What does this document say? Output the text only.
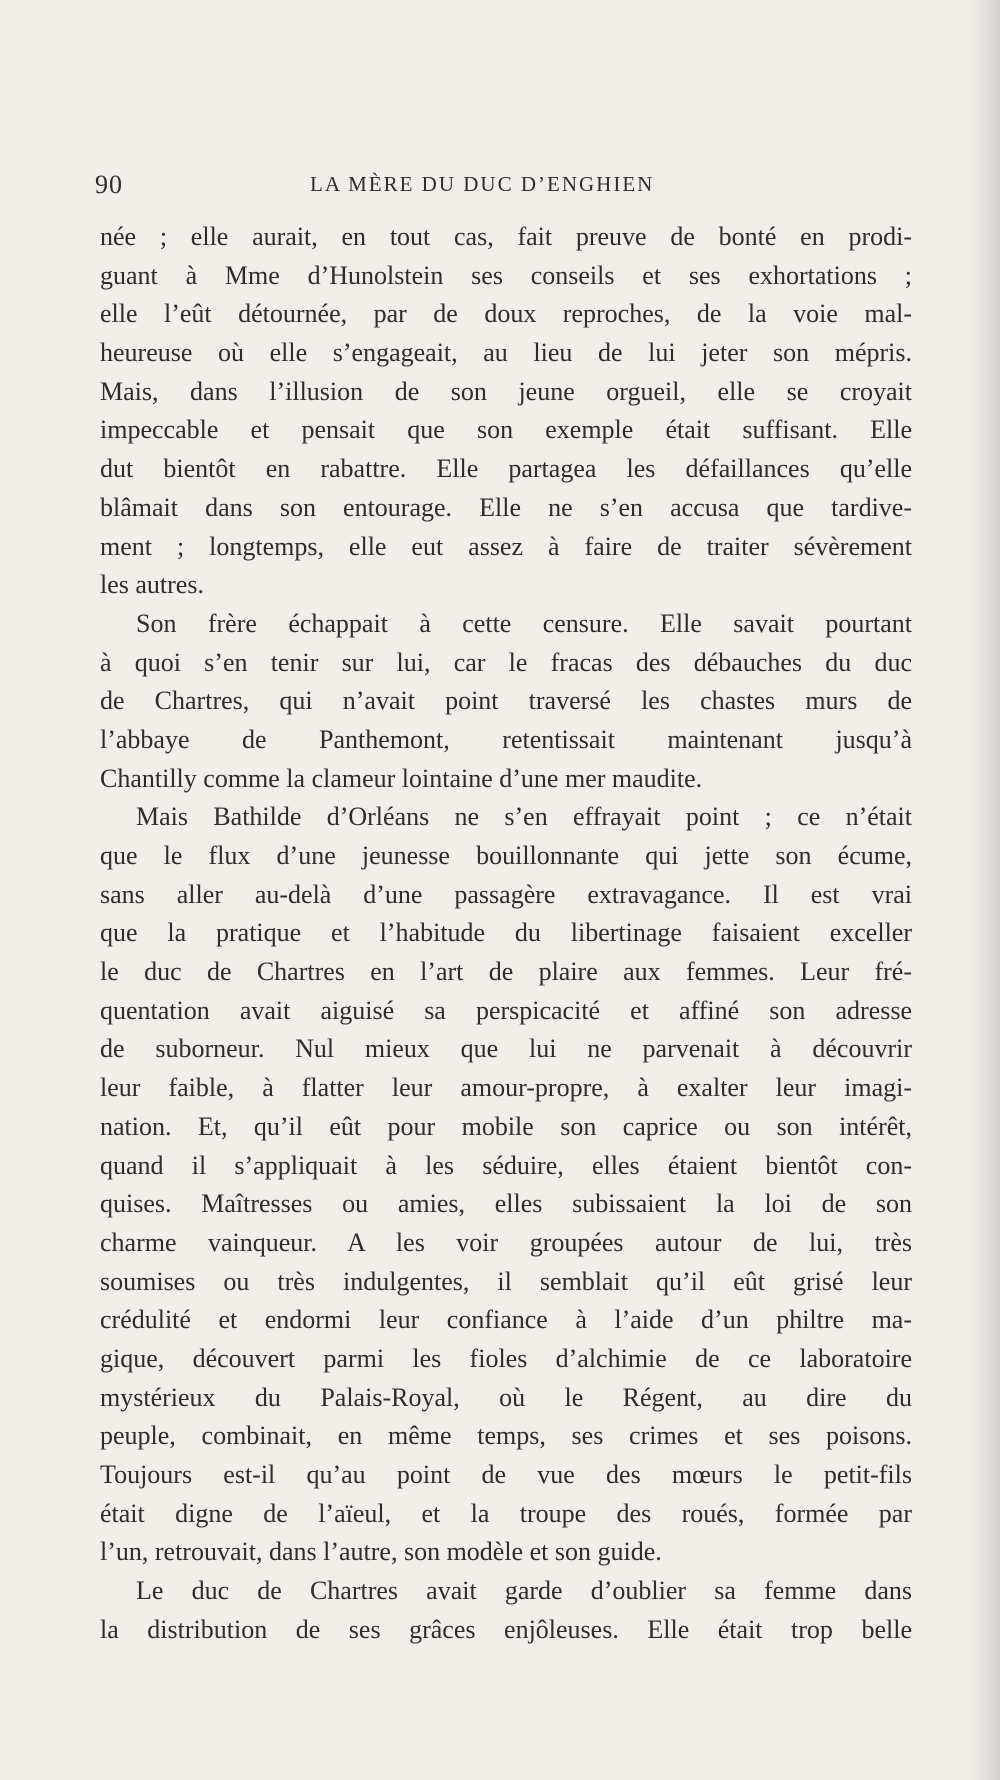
90	LA MÈRE DU DUC D’ENGHIEN
née ; elle aurait, en tout cas, fait preuve de bonté en prodi-
guant à Mme d’Hunolstein ses conseils et ses exhortations ;
elle l’eût détournée, par de doux reproches, de la voie mal-
heureuse où elle s’engageait, au lieu de lui jeter son mépris.
Mais, dans l’illusion de son jeune orgueil, elle se croyait
impeccable et pensait que son exemple était suffisant. Elle
dut bientôt en rabattre. Elle partagea les défaillances qu’elle
blâmait dans son entourage. Elle ne s’en accusa que tardive-
ment ; longtemps, elle eut assez à faire de traiter sévèrement
les autres.
Son frère échappait à cette censure. Elle savait pourtant
à quoi s’en tenir sur lui, car le fracas des débauches du duc
de Chartres, qui n’avait point traversé les chastes murs de
l’abbaye de Panthemont, retentissait maintenant jusqu’à
Chantilly comme la clameur lointaine d’une mer maudite.
Mais Bathilde d’Orléans ne s’en effrayait point ; ce n’était
que le flux d’une jeunesse bouillonnante qui jette son écume,
sans aller au-delà d’une passagère extravagance. Il est vrai
que la pratique et l’habitude du libertinage faisaient exceller
le duc de Chartres en l’art de plaire aux femmes. Leur fré-
quentation avait aiguisé sa perspicacité et affiné son adresse
de suborneur. Nul mieux que lui ne parvenait à découvrir
leur faible, à flatter leur amour-propre, à exalter leur imagi-
nation. Et, qu’il eût pour mobile son caprice ou son intérêt,
quand il s’appliquait à les séduire, elles étaient bientôt con-
quises. Maîtresses ou amies, elles subissaient la loi de son
charme vainqueur. A les voir groupées autour de lui, très
soumises ou très indulgentes, il semblait qu’il eût grisé leur
crédulité et endormi leur confiance à l’aide d’un philtre ma-
gique, découvert parmi les fioles d’alchimie de ce laboratoire
mystérieux du Palais-Royal, où le Régent, au dire du
peuple, combinait, en même temps, ses crimes et ses poisons.
Toujours est-il qu’au point de vue des mœurs le petit-fils
était digne de l’aïeul, et la troupe des roués, formée par
l’un, retrouvait, dans l’autre, son modèle et son guide.
Le duc de Chartres avait garde d’oublier sa femme dans
la distribution de ses grâces enjôleuses. Elle était trop belle
